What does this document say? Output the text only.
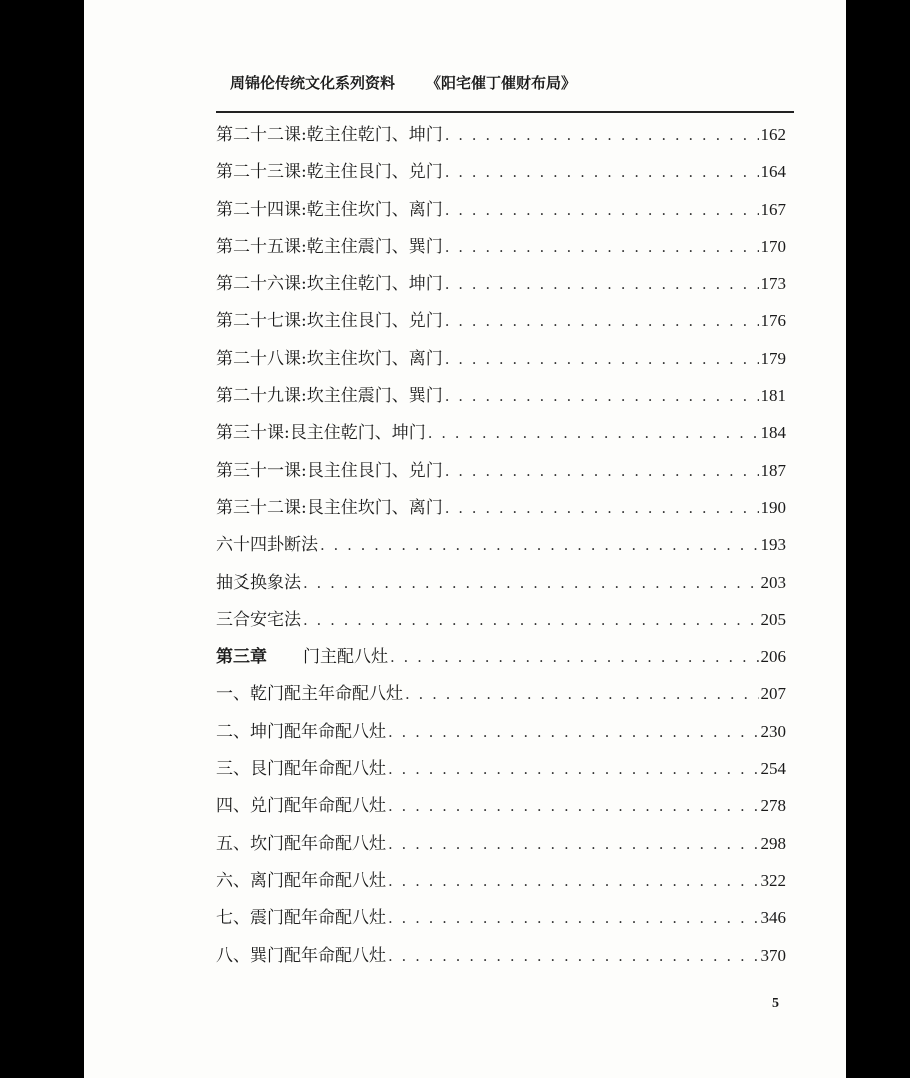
周锦伦传统文化系列资料 《阳宅催丁催财布局》
第二十二课:乾主住乾门、坤门 . . .	162
第二十三课:乾主住艮门、兑门 . . .	164
第二十四课:乾主住坎门、离门 . . .	167
第二十五课:乾主住震门、巽门 . . .	170
第二十六课:坎主住乾门、坤门 . . .	173
第二十七课:坎主住艮门、兑门 . . .	176
第二十八课:坎主住坎门、离门 . . .	179
第二十九课:坎主住震门、巽门 . . .	181
第三十课:艮主住乾门、坤门 . . .	184
第三十一课:艮主住艮门、兑门 . . .	187
第三十二课:艮主住坎门、离门 . . .	190
六十四卦断法 . . .	193
抽爻换象法 . . .	203
三合安宅法 . . .	205
第三章 门主配八灶 . . .	206
一、乾门配主年命配八灶 . . .	207
二、坤门配年命配八灶 . . .	230
三、艮门配年命配八灶 . . .	254
四、兑门配年命配八灶 . . .	278
五、坎门配年命配八灶 . . .	298
六、离门配年命配八灶 . . .	322
七、震门配年命配八灶 . . .	346
八、巽门配年命配八灶 . . .	370
5
